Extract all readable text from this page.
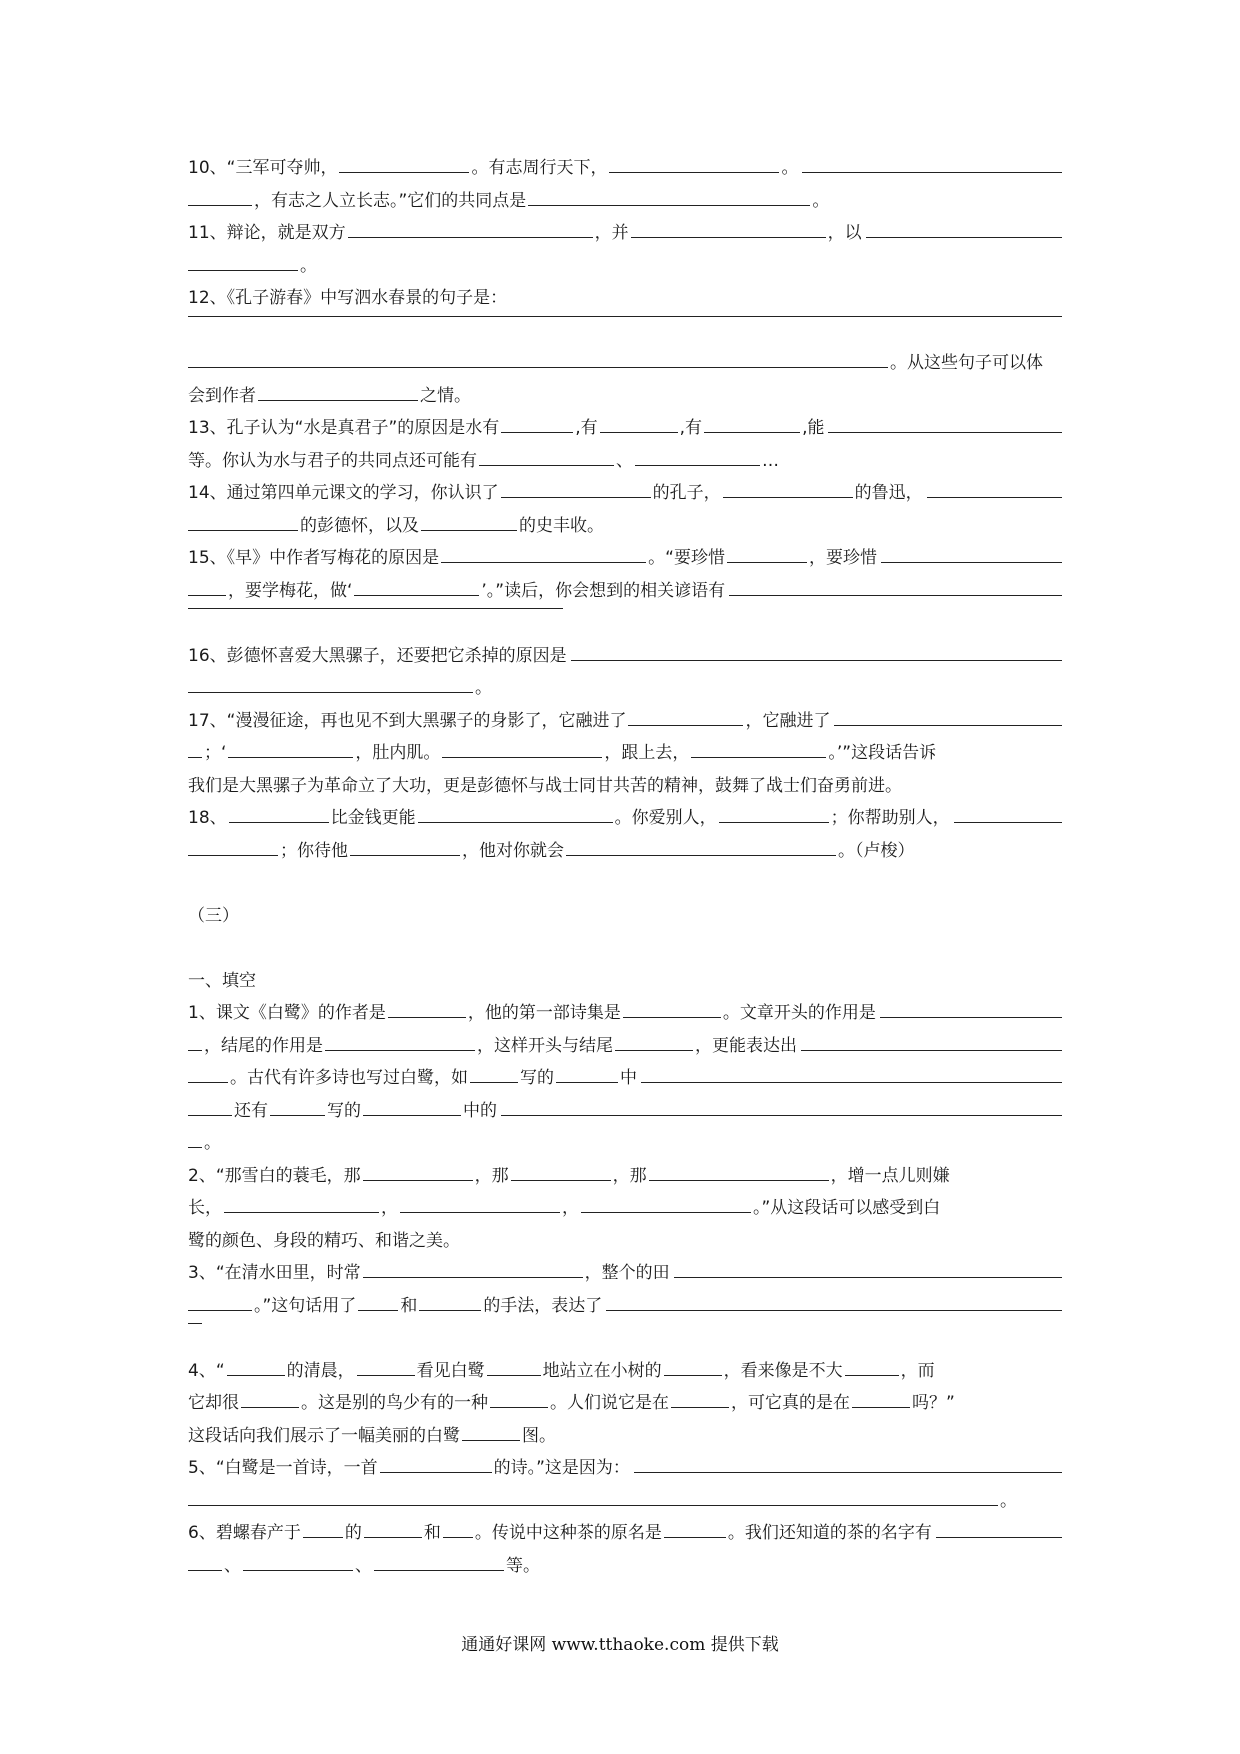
10、“三军可夺帅，	。有志周行天下，	。
，有志之人立长志。”它们的共同点是	。
11、辩论，就是双方	，并	，以
。
12、《孔子游春》中写泗水春景的句子是：
。从这些句子可以体
会到作者	之情。
13、孔子认为“水是真君子”的原因是水有	,有	,有	,能
等。你认为水与君子的共同点还可能有	、	…
14、通过第四单元课文的学习，你认识了	的孔子，	的鲁迅，
的彭德怀，以及	的史丰收。
15、《早》中作者写梅花的原因是	。“要珍惜	，要珍惜
，要学梅花，做‘	’。”读后，你会想到的相关谚语有
16、彭德怀喜爱大黑骡子，还要把它杀掉的原因是
。
17、“漫漫征途，再也见不到大黑骡子的身影了，它融进了	，它融进了
；‘	，肚内肌。	，跟上去，	。’”这段话告诉
我们是大黑骡子为革命立了大功，更是彭德怀与战士同甘共苦的精神，鼓舞了战士们奋勇前进。
18、	比金钱更能	。你爱别人，	；你帮助别人，
；你待他	，他对你就会	。（卢梭）
（三）
一、填空
1、课文《白鹭》的作者是	，他的第一部诗集是	。文章开头的作用是
，结尾的作用是	，这样开头与结尾	，更能表达出
。古代有许多诗也写过白鹭，如	写的	中
还有	写的	中的
。
2、“那雪白的蓑毛，那	，那	，那	，增一点儿则嫌
长，	，	，	。”从这段话可以感受到白
鹭的颜色、身段的精巧、和谐之美。
3、“在清水田里，时常	，整个的田
。”这句话用了	和	的手法，表达了
4、“	的清晨，	看见白鹭	地站立在小树的	，看来像是不大	，而
它却很	。这是别的鸟少有的一种	。人们说它是在	，可它真的是在	吗？”
这段话向我们展示了一幅美丽的白鹭	图。
5、“白鹭是一首诗，一首	的诗。”这是因为：
。
6、碧螺春产于	的	和 。传说中这种茶的原名是	。我们还知道的茶的名字有
、	、	等。
通通好课网 www.tthaoke.com 提供下载
